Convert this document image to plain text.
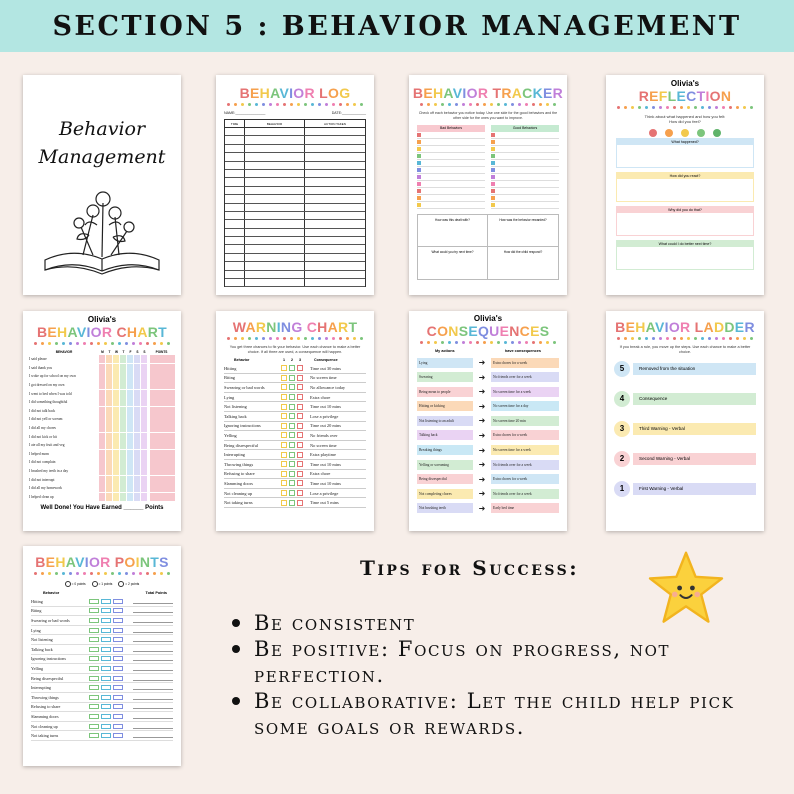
SECTION 5 : BEHAVIOR MANAGEMENT
Behavior
Management
BEHAVIOR LOG
NAME:_______________	DATE:____________
TIME	BEHAVIOR	ACTION TAKEN
BEHAVIOR TRACKER
Check off each behavior you notice today. Use one side for the good behaviors and the other side for the ones you want to improve.
Bad Behaviors	Good Behaviors
How was this dealt with?	How was the behavior rewarded?
What could you try next time?	How did the child respond?
Olivia's
REFLECTION
Think about what happened and how you felt:
How did you feel?

What happened?
How did you react?
Why did you do that?
What could I do better next time?
Olivia's
BEHAVIOR CHART
BEHAVIOR	M	T	W	T	F	S	S	POINTS
I said please
I said thank you
I woke up for school on my own
I got dressed on my own
I went to bed when I was told
I did something thoughtful
I did not talk back
I did not yell or scream
I did all my chores
I did not kick or hit
I ate all my fruit and veg
I helped mom
I did not complain
I brushed my teeth in a day
I did not interrupt
I did all my homework
I helped clean up
Well Done! You Have Earned ______ Points
WARNING CHART
You get three chances to fix your behavior. Use each chance to make a better choice. If all three are used, a consequence will happen.
Behavior	1	2	3	Consequence
Hitting	Time out 30 mins
Biting	No screen time
Swearing or bad words	No allowance today
Lying	Extra chore
Not listening	Time out 10 mins
Talking back	Lose a privilege
Ignoring instructions	Time out 20 mins
Yelling	No friends over
Being disrespectful	No screen time
Interrupting	Extra playtime
Throwing things	Time out 10 mins
Refusing to share	Extra chore
Slamming doors	Time out 10 mins
Not cleaning up	Lose a privilege
Not taking turns	Time out 5 mins
Olivia's
CONSEQUENCES
My actions	have consequences
Lying	➜	Extra chores for a week
Swearing	➜	No friends over for a week
Being mean to people	➜	No screen time for a week
Hitting or kicking	➜	No screen time for a day
Not listening to an adult	➜	No screen time 20 min
Talking back	➜	Extra chores for a week
Breaking things	➜	No screen time for a week
Yelling or screaming	➜	No friends over for a week
Being disrespectful	➜	Extra chores for a week
Not completing chores	➜	No friends over for a week
Not brushing teeth	➜	Early bed time
BEHAVIOR LADDER
If you break a rule, you move up the steps. Use each chance to make a better choice.
5	Removed from the situation
4	Consequence
3	Third Warning - Verbal
2	Second Warning - Verbal
1	First Warning - Verbal
BEHAVIOR POINTS
= 0 points	= 1 points	= 2 points
Behavior	Total Points
Hitting
Biting
Swearing or bad words
Lying
Not listening
Talking back
Ignoring instructions
Yelling
Being disrespectful
Interrupting
Throwing things
Refusing to share
Slamming doors
Not cleaning up
Not taking turns
Tips for Success:
Be consistent
Be positive: Focus on progress, not perfection.
Be collaborative: Let the child help pick some goals or rewards.
